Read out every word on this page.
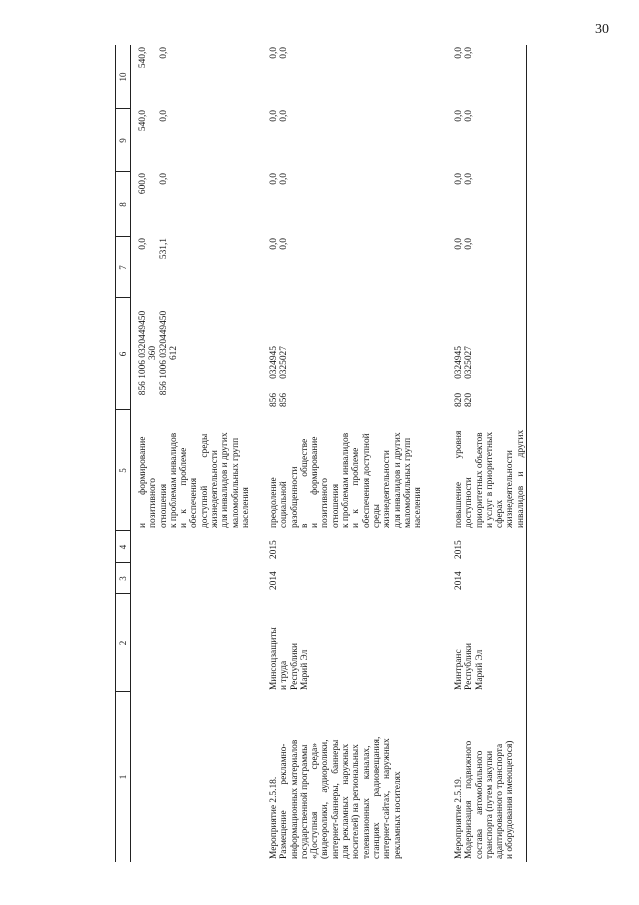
30
1
2
3
4
5
6
7
8
9
10
и            формирование
позитивного
отношения
к проблемам инвалидов
и    к          проблеме
обеспечения
доступной            среды
жизнедеятельности
для инвалидов и других
маломобильных групп
населения
856 1006 0320449450
360
856 1006 0320449450
612
0,0

531,1
600,0

0,0
540,0

0,0
540,0

0,0
Мероприятие 2.5.18.
Размещение           рекламно-
информационных материалов
государственной программы
«Доступная                  среда»
(видеоролики,    аудиоролики,
интернет-баннеры,    баннеры
для  рекламных     наружных
носителей) на региональных
телевизионных        каналах,
станциях           радиовещания,
интернет-сайтах,     наружных
рекламных носителях
Минсоцзащиты
и труда
Республики
Марий Эл
2014
2015
преодоление
социальной
разобщенности
в                    обществе
и            формирование
позитивного
отношения
к проблемам инвалидов
и    к          проблеме
обеспечения доступной
среды
жизнедеятельности
для инвалидов и других
маломобильных групп
населения
856      0324945
856      0325027
0,0
0,0
0,0
0,0
0,0
0,0
0,0
0,0
Мероприятие 2.5.19.
Модернизация     подвижного
состава      автомобильного
транспорта (путем закупки
адаптированного транспорта
и оборудования имеющегося)
Минтранс
Республики
Марий Эл
2014
2015
повышение          уровня
доступности
приоритетных объектов
и услуг в приоритетных
сферах
жизнедеятельности
инвалидов    и      других
820      0324945
820      0325027
0,0
0,0
0,0
0,0
0,0
0,0
0,0
0,0
